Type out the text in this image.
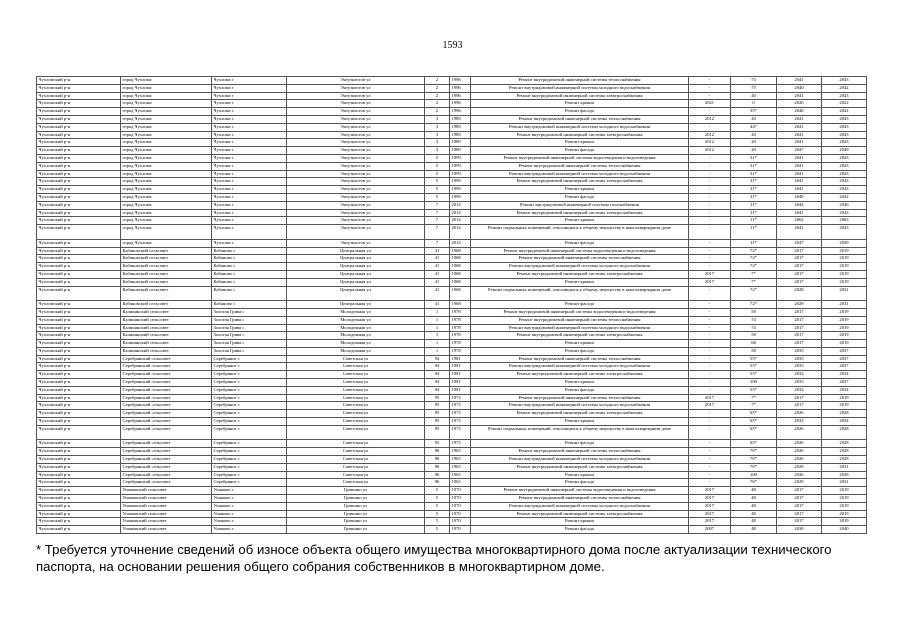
1593
Чухломский р-н	город Чухлома	Чухлома г	Энтузиастов ул	2	1996	Ремонт внутридомовой инженерной системы теплоснабжения	-	73	2041	2043
Чухломский р-н	город Чухлома	Чухлома г	Энтузиастов ул	2	1996	Ремонт внутридомовой инженерной системы холодного водоснабжения	-	75	2040	2042
Чухломский р-н	город Чухлома	Чухлома г	Энтузиастов ул	2	1996	Ремонт внутридомовой инженерной системы электроснабжения	-	40	2041	2043
Чухломский р-н	город Чухлома	Чухлома г	Энтузиастов ул	2	1996	Ремонт крыши	2021	0	2020	2022
Чухломский р-н	город Чухлома	Чухлома г	Энтузиастов ул	2	1996	Ремонт фасада	-	35*	2040	2042
Чухломский р-н	город Чухлома	Чухлома г	Энтузиастов ул	3	1989	Ремонт внутридомовой инженерной системы теплоснабжения	2012	20	2041	2043
Чухломский р-н	город Чухлома	Чухлома г	Энтузиастов ул	3	1989	Ремонт внутридомовой инженерной системы холодного водоснабжения	-	44*	2041	2043
Чухломский р-н	город Чухлома	Чухлома г	Энтузиастов ул	3	1989	Ремонт внутридомовой инженерной системы электроснабжения	2012	20	2041	2043
Чухломский р-н	город Чухлома	Чухлома г	Энтузиастов ул	3	1989	Ремонт крыши	2012	20	2041	2043
Чухломский р-н	город Чухлома	Чухлома г	Энтузиастов ул	3	1989	Ремонт фасада	2012	20	2047	2049
Чухломский р-н	город Чухлома	Чухлома г	Энтузиастов ул	5	1999	Ремонт внутридомовой инженерной системы водоотведения и водоотведения	-	31*	2041	2043
Чухломский р-н	город Чухлома	Чухлома г	Энтузиастов ул	5	1999	Ремонт внутридомовой инженерной системы теплоснабжения	-	31*	2041	2043
Чухломский р-н	город Чухлома	Чухлома г	Энтузиастов ул	5	1999	Ремонт внутридомовой инженерной системы холодного водоснабжения	-	31*	2041	2043
Чухломский р-н	город Чухлома	Чухлома г	Энтузиастов ул	5	1999	Ремонт внутридомовой инженерной системы электроснабжения	-	31*	2041	2043
Чухломский р-н	город Чухлома	Чухлома г	Энтузиастов ул	5	1999	Ремонт крыши	-	31*	2041	2043
Чухломский р-н	город Чухлома	Чухлома г	Энтузиастов ул	5	1999	Ремонт фасада	-	31*	2040	2042
Чухломский р-н	город Чухлома	Чухлома г	Энтузиастов ул	7	2014	Ремонт внутридомовой инженерной системы газоснабжения	-	11*	2044	2046
Чухломский р-н	город Чухлома	Чухлома г	Энтузиастов ул	7	2014	Ремонт внутридомовой инженерной системы электроснабжения	-	11*	2041	2043
Чухломский р-н	город Чухлома	Чухлома г	Энтузиастов ул	7	2014	Ремонт крыши	-	11*	2062	2063
Чухломский р-н	город Чухлома	Чухлома г	Энтузиастов ул	7	2014	Ремонт подвальных помещений, относящихся к общему имуществу в многоквартирном доме	-	11*	2041	2043
Чухломский р-н	город Чухлома	Чухлома г	Энтузиастов ул	7	2014	Ремонт фасада	-	11*	2047	2049
Чухломский р-н	Кабановский сельсовет	Кабаново с	Центральная ул	41	1968	Ремонт внутридомовой инженерной системы водоотведения и водоотведения	-	72*	2017	2019
Чухломский р-н	Кабановский сельсовет	Кабаново с	Центральная ул	41	1968	Ремонт внутридомовой инженерной системы теплоснабжения	-	72*	2017	2019
Чухломский р-н	Кабановский сельсовет	Кабаново с	Центральная ул	41	1968	Ремонт внутридомовой инженерной системы холодного водоснабжения	-	72*	2017	2019
Чухломский р-н	Кабановский сельсовет	Кабаново с	Центральная ул	41	1968	Ремонт внутридомовой инженерной системы электроснабжения	2017	7*	2017	2019
Чухломский р-н	Кабановский сельсовет	Кабаново с	Центральная ул	41	1968	Ремонт крыши	2017	7*	2017	2019
Чухломский р-н	Кабановский сельсовет	Кабаново с	Центральная ул	41	1968	Ремонт подвальных помещений, относящихся к общему имуществу в многоквартирном доме	-	72*	2028	2031
Чухломский р-н	Кабановский сельсовет	Кабаново с	Центральная ул	41	1968	Ремонт фасада	-	72*	2029	2031
Чухломский р-н	Каликинский сельсовет	Золотая Грива с	Молодежная ул	1	1978	Ремонт внутридомовой инженерной системы водоотведения и водоотведения	-	58	2017	2019
Чухломский р-н	Каликинский сельсовет	Золотая Грива с	Молодежная ул	1	1978	Ремонт внутридомовой инженерной системы теплоснабжения	-	74	2017	2019
Чухломский р-н	Каликинский сельсовет	Золотая Грива с	Молодежная ул	1	1978	Ремонт внутридомовой инженерной системы холодного водоснабжения	-	74	2017	2019
Чухломский р-н	Каликинский сельсовет	Золотая Грива с	Молодежная ул	1	1978	Ремонт внутридомовой инженерной системы электроснабжения	-	58	2017	2019
Чухломский р-н	Каликинский сельсовет	Золотая Грива с	Молодежная ул	1	1978	Ремонт крыши	-	68	2017	2019
Чухломский р-н	Каликинский сельсовет	Золотая Грива с	Молодежная ул	1	1978	Ремонт фасада	-	58	2035	2037
Чухломский р-н	Серебрянский сельсовет	Серебряное с	Советская ул	94	1981	Ремонт внутридомовой инженерной системы теплоснабжения	-	55*	2035	2037
Чухломский р-н	Серебрянский сельсовет	Серебряное с	Советская ул	94	1981	Ремонт внутридомовой инженерной системы холодного водоснабжения	-	55*	2035	2037
Чухломский р-н	Серебрянский сельсовет	Серебряное с	Советская ул	94	1981	Ремонт внутридомовой инженерной системы электроснабжения	-	55*	2032	2034
Чухломский р-н	Серебрянский сельсовет	Серебряное с	Советская ул	94	1981	Ремонт крыши	-	100	2035	2037
Чухломский р-н	Серебрянский сельсовет	Серебряное с	Советская ул	94	1981	Ремонт фасада	-	55*	2032	2034
Чухломский р-н	Серебрянский сельсовет	Серебряное с	Советская ул	95	1973	Ремонт внутридомовой инженерной системы теплоснабжения	2017	7*	2017	2019
Чухломский р-н	Серебрянский сельсовет	Серебряное с	Советская ул	95	1973	Ремонт внутридомовой инженерной системы холодного водоснабжения	2017	7*	2017	2019
Чухломский р-н	Серебрянский сельсовет	Серебряное с	Советская ул	95	1973	Ремонт внутридомовой инженерной системы электроснабжения	-	65*	2026	2028
Чухломский р-н	Серебрянский сельсовет	Серебряное с	Советская ул	95	1973	Ремонт крыши	-	65*	2032	2034
Чухломский р-н	Серебрянский сельсовет	Серебряное с	Советская ул	95	1973	Ремонт подвальных помещений, относящихся к общему имуществу в многоквартирном доме	-	65*	2026	2028
Чухломский р-н	Серебрянский сельсовет	Серебряное с	Советская ул	95	1973	Ремонт фасада	-	65*	2026	2028
Чухломский р-н	Серебрянский сельсовет	Серебряное с	Советская ул	96	1965	Ремонт внутридомовой инженерной системы теплоснабжения	-	76*	2026	2028
Чухломский р-н	Серебрянский сельсовет	Серебряное с	Советская ул	96	1965	Ремонт внутридомовой инженерной системы холодного водоснабжения	-	76*	2026	2028
Чухломский р-н	Серебрянский сельсовет	Серебряное с	Советская ул	96	1965	Ремонт внутридомовой инженерной системы электроснабжения	-	76*	2029	2031
Чухломский р-н	Серебрянский сельсовет	Серебряное с	Советская ул	96	1965	Ремонт крыши	-	100	2026	2028
Чухломский р-н	Серебрянский сельсовет	Серебряное с	Советская ул	96	1965	Ремонт фасада	-	76*	2029	2031
Чухломский р-н	Ушаковский сельсовет	Ушаково с	Гришино ул	5	1970	Ремонт внутридомовой инженерной системы водоотведения и водоотведения	2017	48	2017	2019
Чухломский р-н	Ушаковский сельсовет	Ушаково с	Гришино ул	5	1970	Ремонт внутридомовой инженерной системы теплоснабжения	2017	48	2017	2019
Чухломский р-н	Ушаковский сельсовет	Ушаково с	Гришино ул	5	1970	Ремонт внутридомовой инженерной системы холодного водоснабжения	2017	48	2017	2019
Чухломский р-н	Ушаковский сельсовет	Ушаково с	Гришино ул	5	1970	Ремонт внутридомовой инженерной системы электроснабжения	2017	48	2017	2019
Чухломский р-н	Ушаковский сельсовет	Ушаково с	Гришино ул	5	1970	Ремонт крыши	2017	48	2017	2019
Чухломский р-н	Ушаковский сельсовет	Ушаково с	Гришино ул	5	1970	Ремонт фасада	2007	48	2038	2040
* Требуется уточнение сведений об износе объекта общего имущества многоквартирного дома после актуализации технического паспорта, на основании решения общего собрания собственников в многоквартирном доме.
